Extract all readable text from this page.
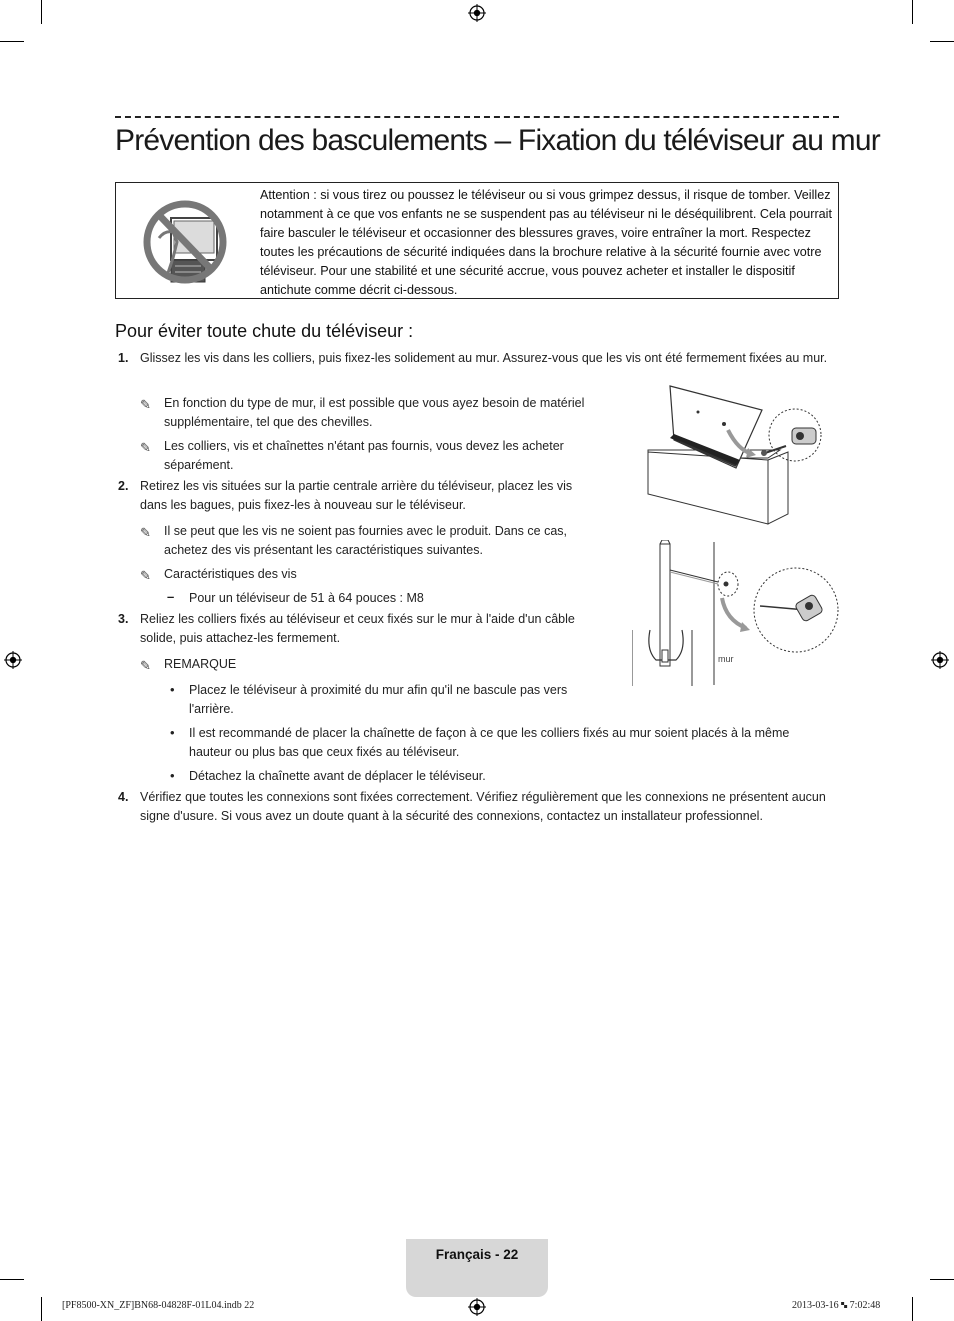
Prévention des basculements – Fixation du téléviseur au mur
Attention : si vous tirez ou poussez le téléviseur ou si vous grimpez dessus, il risque de tomber. Veillez notamment à ce que vos enfants ne se suspendent pas au téléviseur ni le déséquilibrent. Cela pourrait faire basculer le téléviseur et occasionner des blessures graves, voire entraîner la mort. Respectez toutes les précautions de sécurité indiquées dans la brochure relative à la sécurité fournie avec votre téléviseur. Pour une stabilité et une sécurité accrue, vous pouvez acheter et installer le dispositif antichute comme décrit ci-dessous.
Pour éviter toute chute du téléviseur :
1. Glissez les vis dans les colliers, puis fixez-les solidement au mur. Assurez-vous que les vis ont été fermement fixées au mur.
✎ En fonction du type de mur, il est possible que vous ayez besoin de matériel supplémentaire, tel que des chevilles.
✎ Les colliers, vis et chaînettes n'étant pas fournis, vous devez les acheter séparément.
2. Retirez les vis situées sur la partie centrale arrière du téléviseur, placez les vis dans les bagues, puis fixez-les à nouveau sur le téléviseur.
✎ Il se peut que les vis ne soient pas fournies avec le produit. Dans ce cas, achetez des vis présentant les caractéristiques suivantes.
✎ Caractéristiques des vis
– Pour un téléviseur de 51 à 64 pouces : M8
3. Reliez les colliers fixés au téléviseur et ceux fixés sur le mur à l'aide d'un câble solide, puis attachez-les fermement.
✎ REMARQUE
• Placez le téléviseur à proximité du mur afin qu'il ne bascule pas vers l'arrière.
• Il est recommandé de placer la chaînette de façon à ce que les colliers fixés au mur soient placés à la même hauteur ou plus bas que ceux fixés au téléviseur.
• Détachez la chaînette avant de déplacer le téléviseur.
4. Vérifiez que toutes les connexions sont fixées correctement. Vérifiez régulièrement que les connexions ne présentent aucun signe d'usure. Si vous avez un doute quant à la sécurité des connexions, contactez un installateur professionnel.
mur
Français - 22
[PF8500-XN_ZF]BN68-04828F-01L04.indb 22	2013-03-16 🙿 7:02:48
